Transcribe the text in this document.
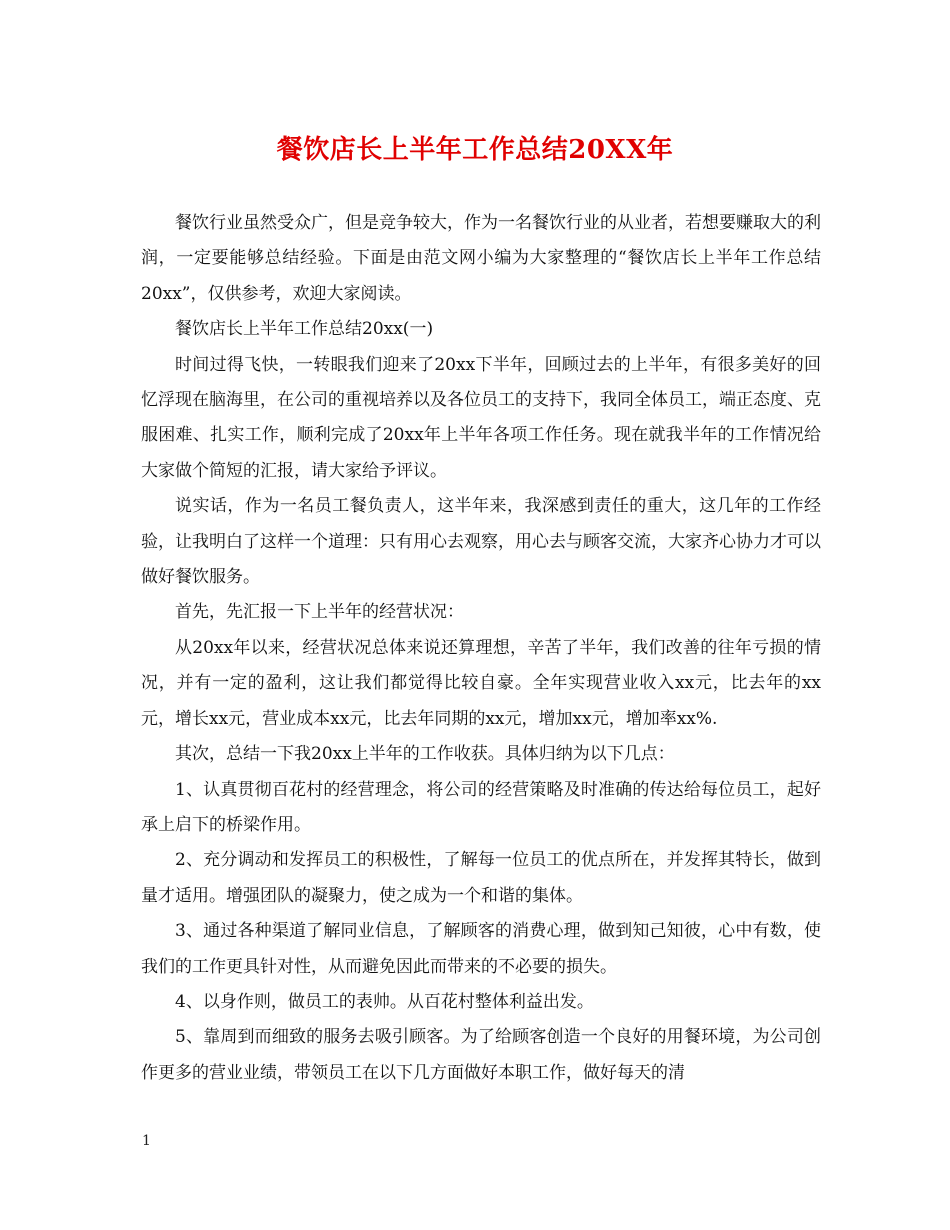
餐饮店长上半年工作总结20XX年

餐饮行业虽然受众广，但是竞争较大，作为一名餐饮行业的从业者，若想要赚取大的利润，一定要能够总结经验。下面是由范文网小编为大家整理的“餐饮店长上半年工作总结20xx”，仅供参考，欢迎大家阅读。

餐饮店长上半年工作总结20xx(一)

时间过得飞快，一转眼我们迎来了20xx下半年，回顾过去的上半年，有很多美好的回忆浮现在脑海里，在公司的重视培养以及各位员工的支持下，我同全体员工，端正态度、克服困难、扎实工作，顺利完成了20xx年上半年各项工作任务。现在就我半年的工作情况给大家做个简短的汇报，请大家给予评议。

说实话，作为一名员工餐负责人，这半年来，我深感到责任的重大，这几年的工作经验，让我明白了这样一个道理：只有用心去观察，用心去与顾客交流，大家齐心协力才可以做好餐饮服务。

首先，先汇报一下上半年的经营状况：

从20xx年以来，经营状况总体来说还算理想，辛苦了半年，我们改善的往年亏损的情况，并有一定的盈利，这让我们都觉得比较自豪。全年实现营业收入xx元，比去年的xx元，增长xx元，营业成本xx元，比去年同期的xx元，增加xx元，增加率xx%.

其次，总结一下我20xx上半年的工作收获。具体归纳为以下几点：

1、认真贯彻百花村的经营理念，将公司的经营策略及时准确的传达给每位员工，起好承上启下的桥梁作用。

2、充分调动和发挥员工的积极性，了解每一位员工的优点所在，并发挥其特长，做到量才适用。增强团队的凝聚力，使之成为一个和谐的集体。

3、通过各种渠道了解同业信息，了解顾客的消费心理，做到知己知彼，心中有数，使我们的工作更具针对性，从而避免因此而带来的不必要的损失。

4、以身作则，做员工的表帅。从百花村整体利益出发。

5、靠周到而细致的服务去吸引顾客。为了给顾客创造一个良好的用餐环境，为公司创作更多的营业业绩，带领员工在以下几方面做好本职工作，做好每天的清

1
